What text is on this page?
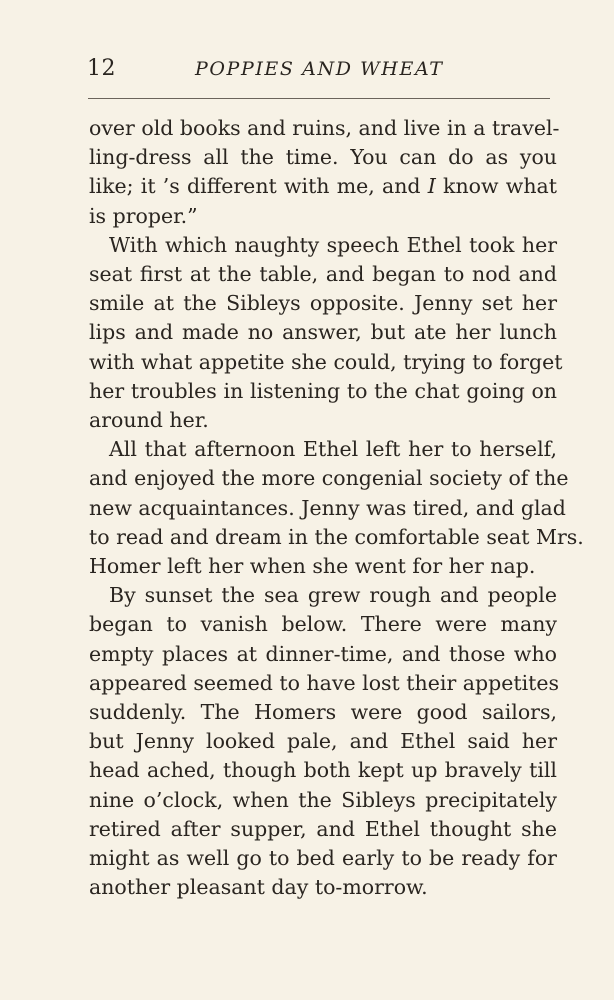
12	POPPIES AND WHEAT
over old books and ruins, and live in a travel-
ling-dress all the time. You can do as you
like; it ’s different with me, and I know what
is proper.”
With which naughty speech Ethel took her
seat first at the table, and began to nod and
smile at the Sibleys opposite. Jenny set her
lips and made no answer, but ate her lunch
with what appetite she could, trying to forget
her troubles in listening to the chat going on
around her.
All that afternoon Ethel left her to herself,
and enjoyed the more congenial society of the
new acquaintances. Jenny was tired, and glad
to read and dream in the comfortable seat Mrs.
Homer left her when she went for her nap.
By sunset the sea grew rough and people
began to vanish below. There were many
empty places at dinner-time, and those who
appeared seemed to have lost their appetites
suddenly. The Homers were good sailors,
but Jenny looked pale, and Ethel said her
head ached, though both kept up bravely till
nine o’clock, when the Sibleys precipitately
retired after supper, and Ethel thought she
might as well go to bed early to be ready for
another pleasant day to-morrow.
